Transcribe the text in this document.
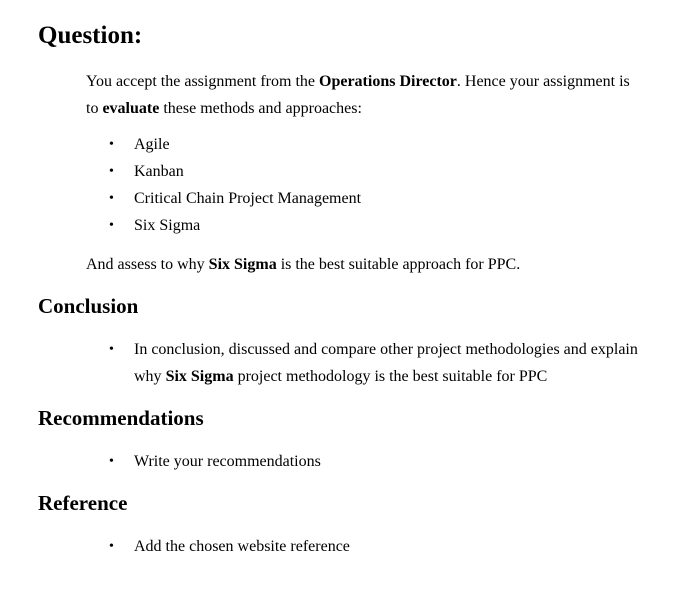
Question:

You accept the assignment from the Operations Director. Hence your assignment is to evaluate these methods and approaches:

• Agile
• Kanban
• Critical Chain Project Management
• Six Sigma

And assess to why Six Sigma is the best suitable approach for PPC.

Conclusion
• In conclusion, discussed and compare other project methodologies and explain why Six Sigma project methodology is the best suitable for PPC
Recommendations
• Write your recommendations
Reference
• Add the chosen website reference
